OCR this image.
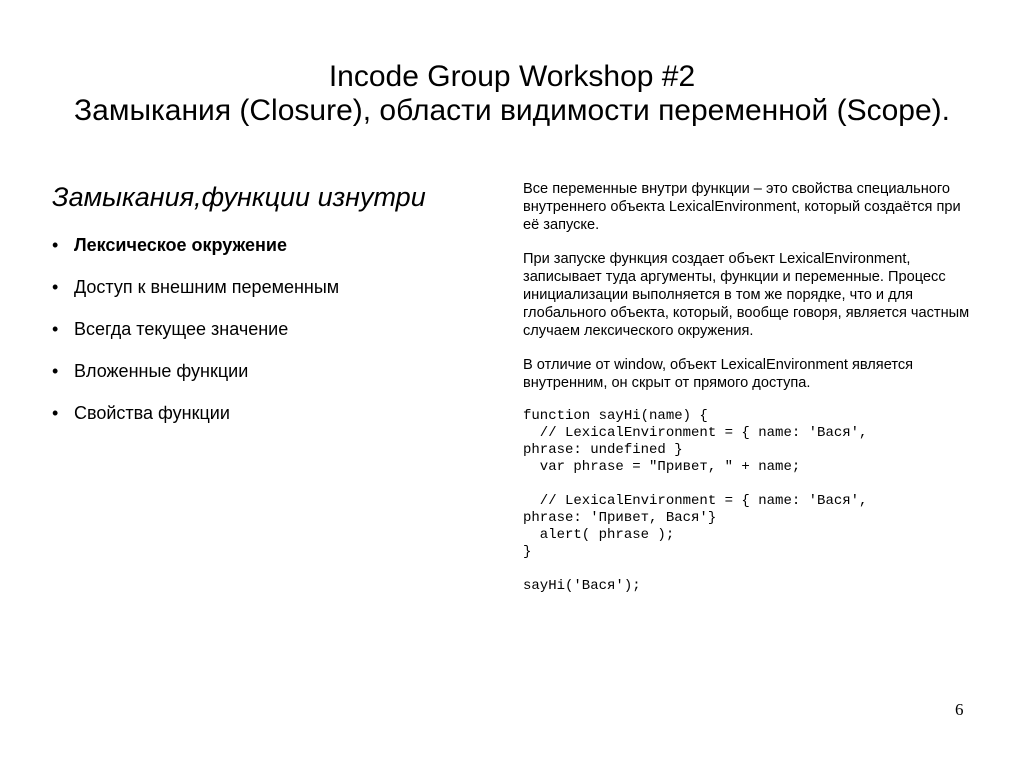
Incode Group Workshop #2
Замыкания (Closure), области видимости переменной (Scope).
Замыкания,функции изнутри
• Лексическое окружение
• Доступ к внешним переменным
• Всегда текущее значение
• Вложенные функции
• Свойства функции

Все переменные внутри функции – это свойства специального внутреннего объекта LexicalEnvironment, который создаётся при её запуске.

При запуске функция создает объект LexicalEnvironment, записывает туда аргументы, функции и переменные. Процесс инициализации выполняется в том же порядке, что и для глобального объекта, который, вообще говоря, является частным случаем лексического окружения.

В отличие от window, объект LexicalEnvironment является внутренним, он скрыт от прямого доступа.

function sayHi(name) {
// LexicalEnvironment = { name: 'Вася',
phrase: undefined }
var phrase = "Привет, " + name;

// LexicalEnvironment = { name: 'Вася',
phrase: 'Привет, Вася'}
alert( phrase );
}

sayHi('Вася');
6
